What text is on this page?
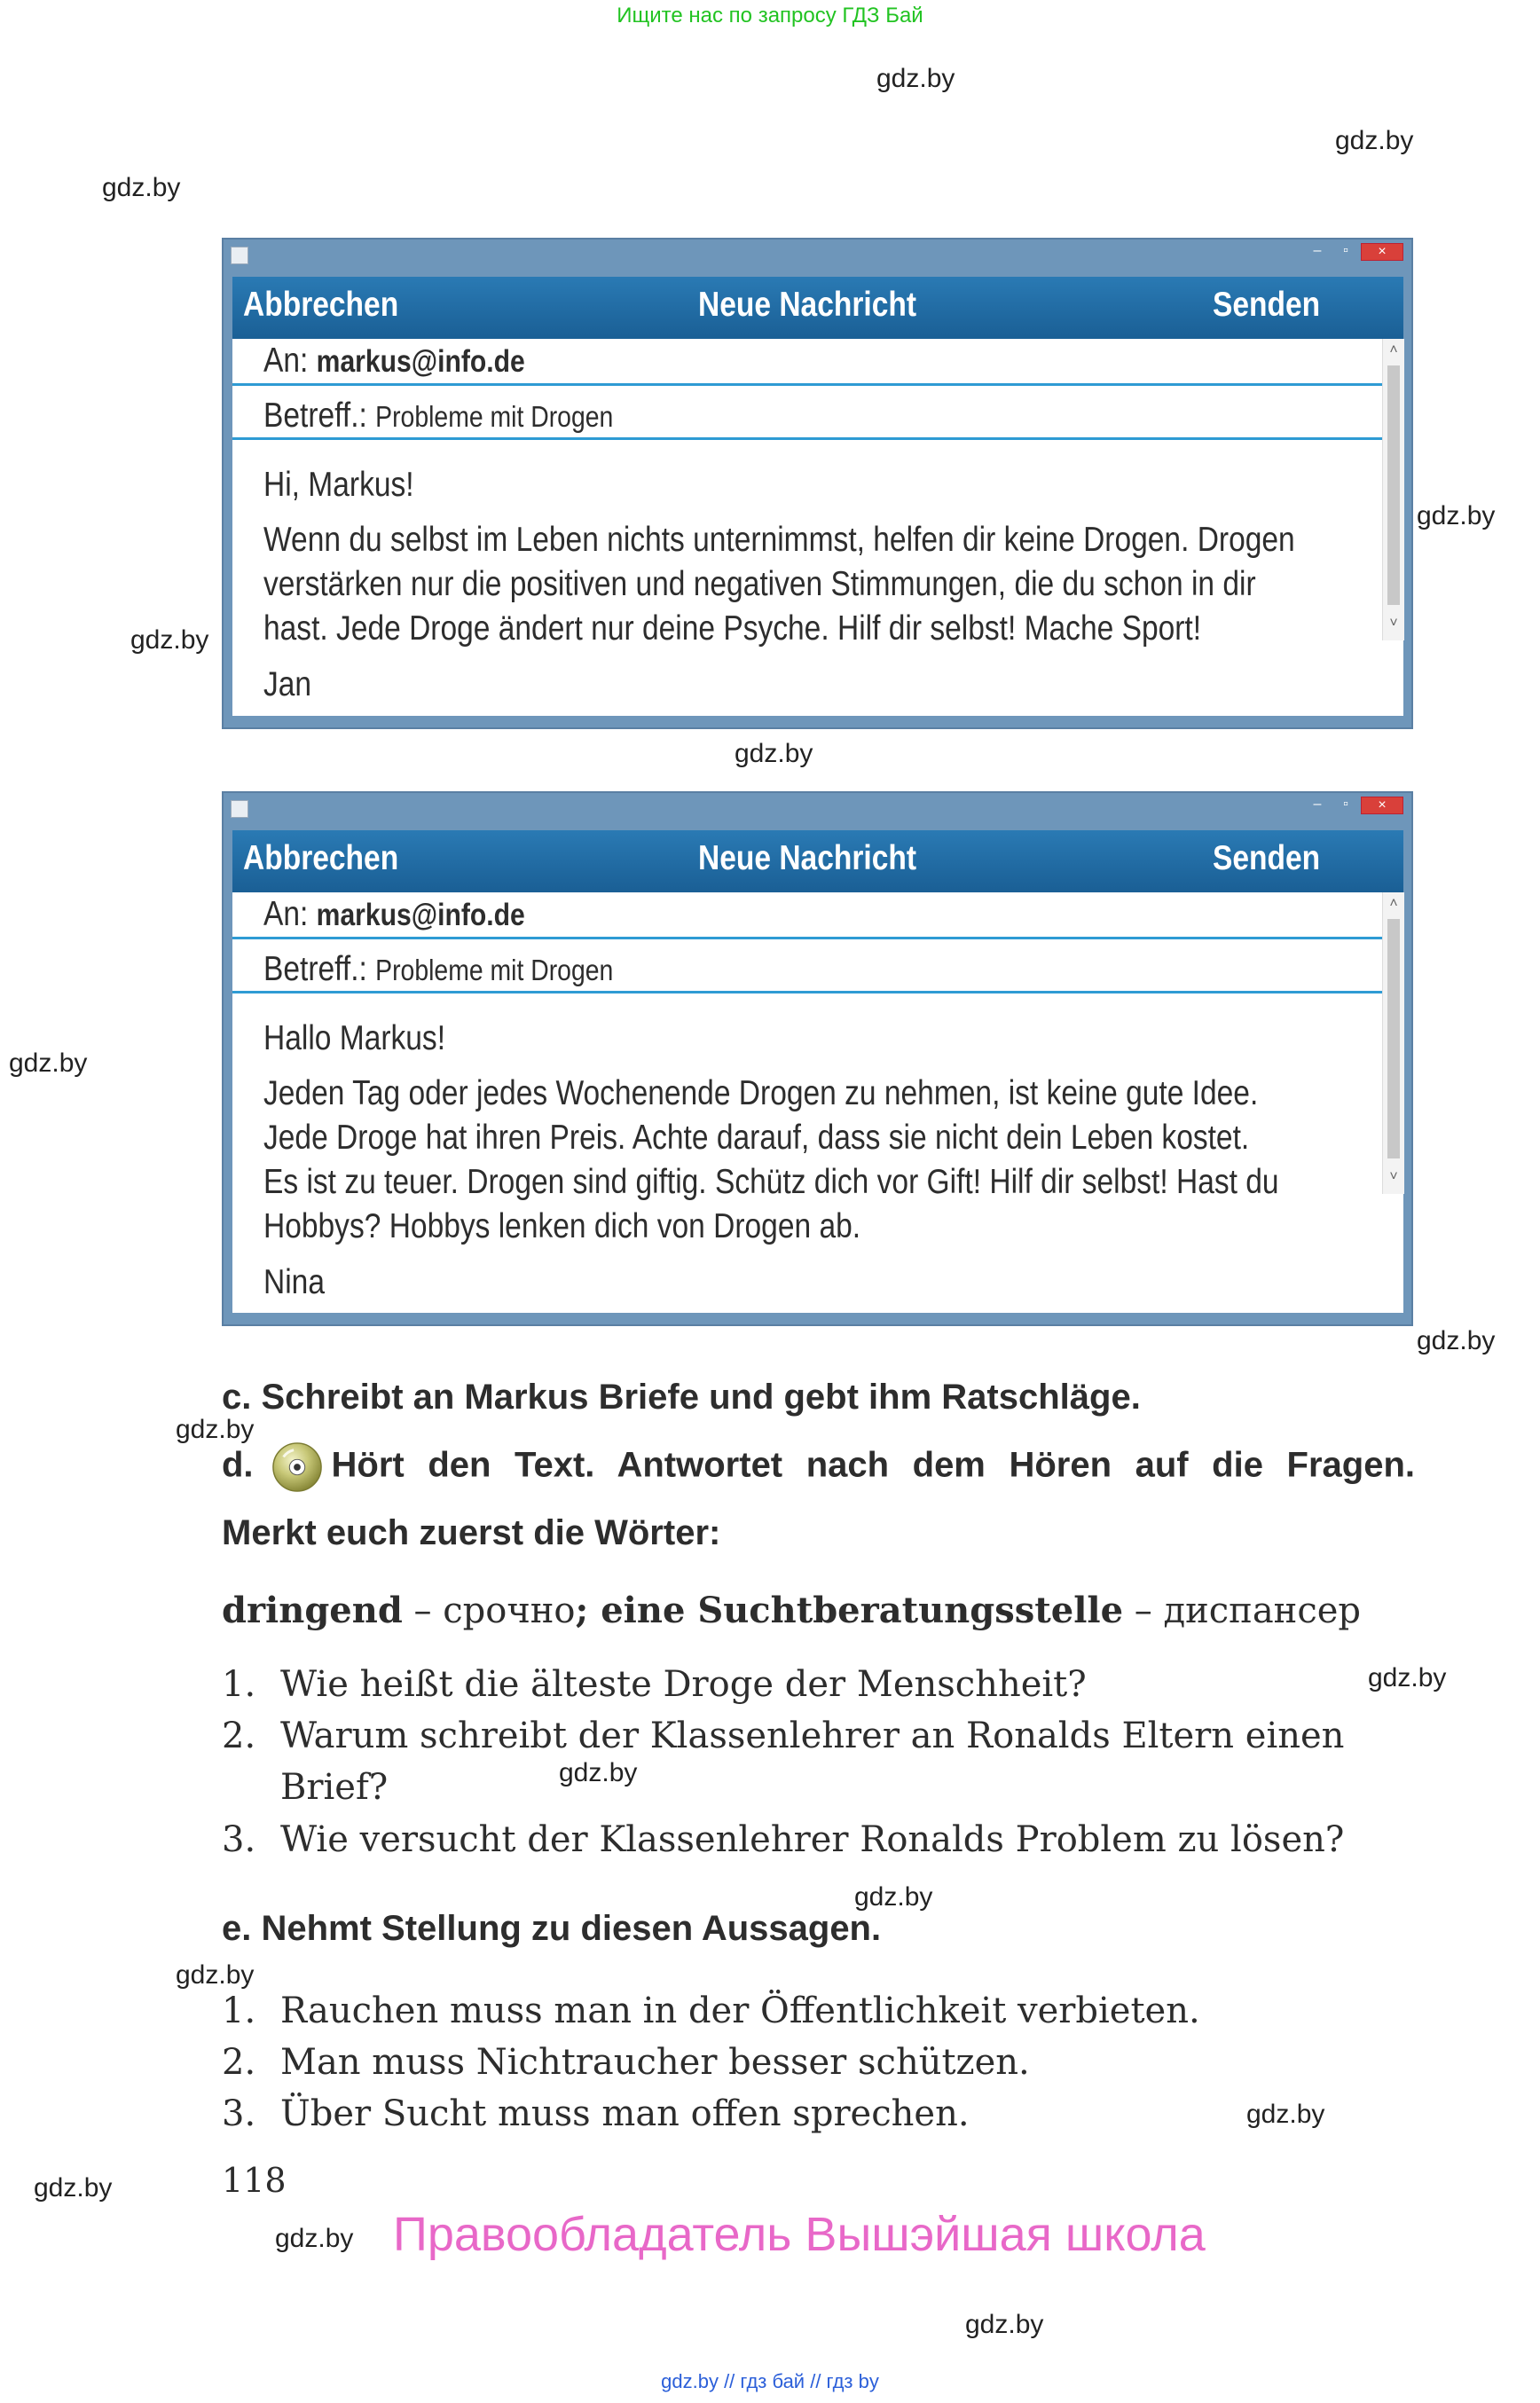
Ищите нас по запросу ГДЗ Бай
gdz.by
gdz.by
gdz.by
gdz.by
gdz.by
gdz.by
gdz.by
gdz.by
gdz.by
gdz.by
gdz.by
gdz.by
gdz.by
gdz.by
gdz.by
gdz.by
gdz.by
–	▫	×
Abbrechen	Neue Nachricht	Senden
An: markus@info.de
Betreff.: Probleme mit Drogen
Hi, Markus!
Wenn du selbst im Leben nichts unternimmst, helfen dir keine Drogen. Drogen
verstärken nur die positiven und negativen Stimmungen, die du schon in dir
hast. Jede Droge ändert nur deine Psyche. Hilf dir selbst! Mache Sport!
Jan
˄
˅
–	▫	×
Abbrechen	Neue Nachricht	Senden
An: markus@info.de
Betreff.: Probleme mit Drogen
Hallo Markus!
Jeden Tag oder jedes Wochenende Drogen zu nehmen, ist keine gute Idee.
Jede Droge hat ihren Preis. Achte darauf, dass sie nicht dein Leben kostet.
Es ist zu teuer. Drogen sind giftig. Schütz dich vor Gift! Hilf dir selbst! Hast du
Hobbys? Hobbys lenken dich von Drogen ab.
Nina
˄
˅
c. Schreibt an Markus Briefe und gebt ihm Ratschläge.
d. Hört den Text. Antwortet nach dem Hören auf die Fragen.
Merkt euch zuerst die Wörter:
dringend – срочно; eine Suchtberatungsstelle – диспансер
1. Wie heißt die älteste Droge der Menschheit?
2. Warum schreibt der Klassenlehrer an Ronalds Eltern einen Brief?
3. Wie versucht der Klassenlehrer Ronalds Problem zu lösen?
e. Nehmt Stellung zu diesen Aussagen.
1. Rauchen muss man in der Öffentlichkeit verbieten.
2. Man muss Nichtraucher besser schützen.
3. Über Sucht muss man offen sprechen.
118
Правообладатель Вышэйшая школа
gdz.by // гдз бай // гдз by
